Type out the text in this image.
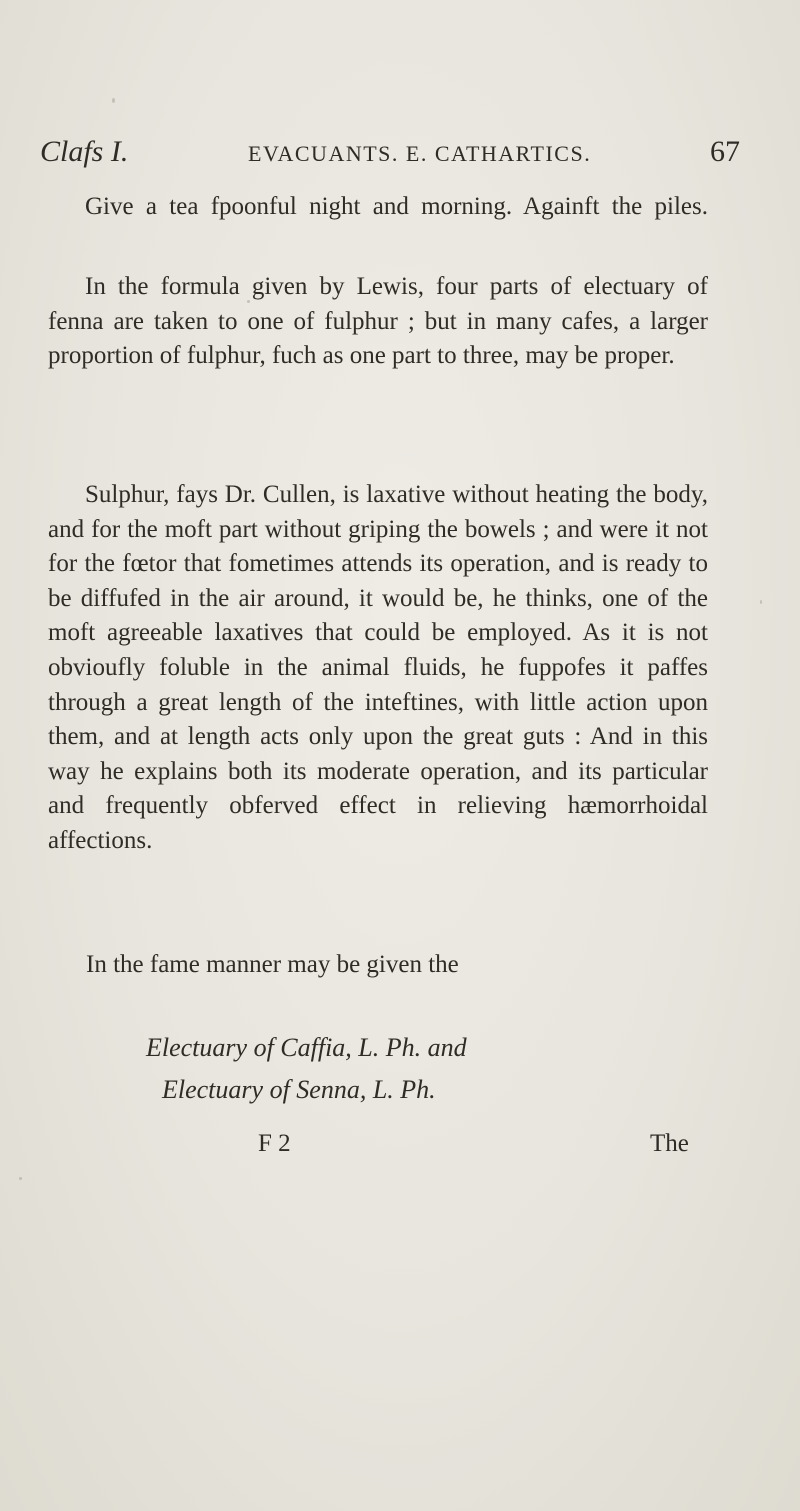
Clafs I.	EVACUANTS. E. CATHARTICS.	67

Give a tea fpoonful night and morning. Againft the piles.

In the formula given by Lewis, four parts of electuary of fenna are taken to one of fulphur ; but in many cafes, a larger proportion of fulphur, fuch as one part to three, may be proper.

Sulphur, fays Dr. Cullen, is laxative without heating the body, and for the moft part without griping the bowels ; and were it not for the fœtor that fometimes attends its operation, and is ready to be diffufed in the air around, it would be, he thinks, one of the moft agreeable laxatives that could be employed. As it is not obvioufly foluble in the animal fluids, he fuppofes it paffes through a great length of the inteftines, with little action upon them, and at length acts only upon the great guts : And in this way he explains both its moderate operation, and its particular and frequently obferved effect in relieving hæmorrhoidal affections.

In the fame manner may be given the

Electuary of Caffia, L. Ph. and

Electuary of Senna, L. Ph.

F 2	The
